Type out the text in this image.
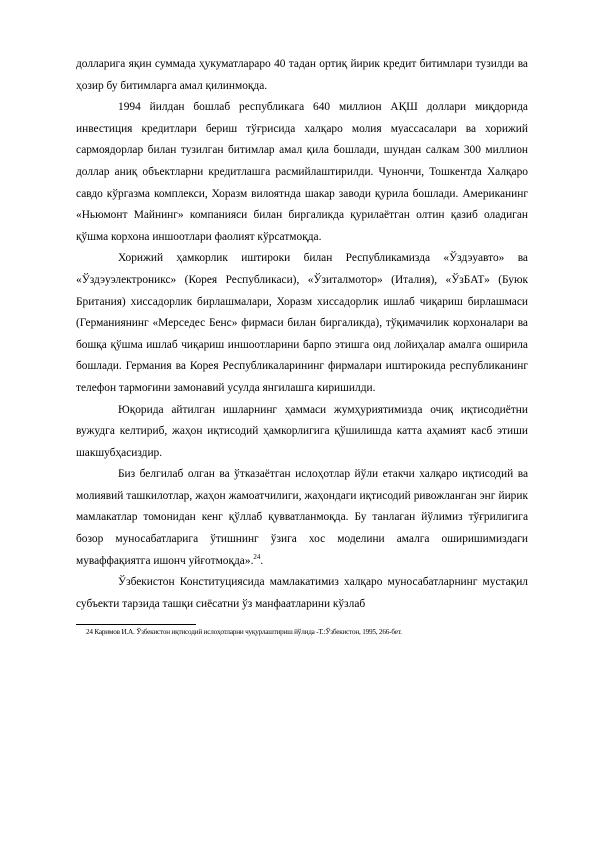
долларига яқин суммада ҳукуматлараро 40 тадан ортиқ йирик кредит битимлари тузилди ва ҳозир бу битимларга амал қилинмоқда.

1994 йилдан бошлаб республикага 640 миллион АҚШ доллари миқдорида инвестиция кредитлари бериш тўғрисида халқаро молия муассасалари ва хорижий сармоядорлар билан тузилган битимлар амал қила бошлади, шундан салкам 300 миллион доллар аниқ объектларни кредитлашга расмийлаштирилди. Чунончи, Тошкентда Халқаро савдо кўргазма комплекси, Хоразм вилоятнда шакар заводи қурила бошлади. Американинг «Ньюмонт Майнинг» компанияси билан биргаликда қурилаётган олтин қазиб оладиган қўшма корхона иншоотлари фаолият кўрсатмоқда.

Хорижий ҳамкорлик иштироки билан Республикамизда «Ўздэуавто» ва «Ўздэуэлектроникс» (Корея Республикаси), «Ўзиталмотор» (Италия), «ЎзБАТ» (Буюк Британия) хиссадорлик бирлашмалари, Хоразм хиссадорлик ишлаб чиқариш бирлашмаси (Германиянинг «Мерседес Бенс» фирмаси билан биргаликда), тўқимачилик корхоналари ва бошқа қўшма ишлаб чиқариш иншоотларини барпо этишга оид лойиҳалар амалга оширила бошлади. Германия ва Корея Республикаларининг фирмалари иштирокида республиканинг телефон тармоғини замонавий усулда янгилашга киришилди.

Юқорида айтилган ишларнинг ҳаммаси жумҳуриятимизда очиқ иқтисодиётни вужудга келтириб, жаҳон иқтисодий ҳамкорлигига қўшилишда катта аҳамият касб этиши шакшубҳасиздир.

Биз белгилаб олган ва ўтказаётган ислоҳотлар йўли етакчи халқаро иқтисодий ва молиявий ташкилотлар, жаҳон жамоатчилиги, жаҳондаги иқтисодий ривожланган энг йирик мамлакатлар томонидан кенг қўллаб қувватланмоқда. Бу танлаган йўлимиз тўғрилигига бозор муносабатларига ўтишнинг ўзига хос моделини амалга оширишимиздаги муваффақиятга ишонч уйғотмоқда».$^{24}$.

Ўзбекистон Конституциясида мамлакатимиз халқаро муносабатларнинг мустақил субъекти тарзида ташқи сиёсатни ўз манфаатларини кўзлаб

24 Каримов И.А. Ўзбекистон иқтисодий ислоҳотларни чуқурлаштириш йўлида -Т.:Ўзбекистон, 1995, 266-бет.
